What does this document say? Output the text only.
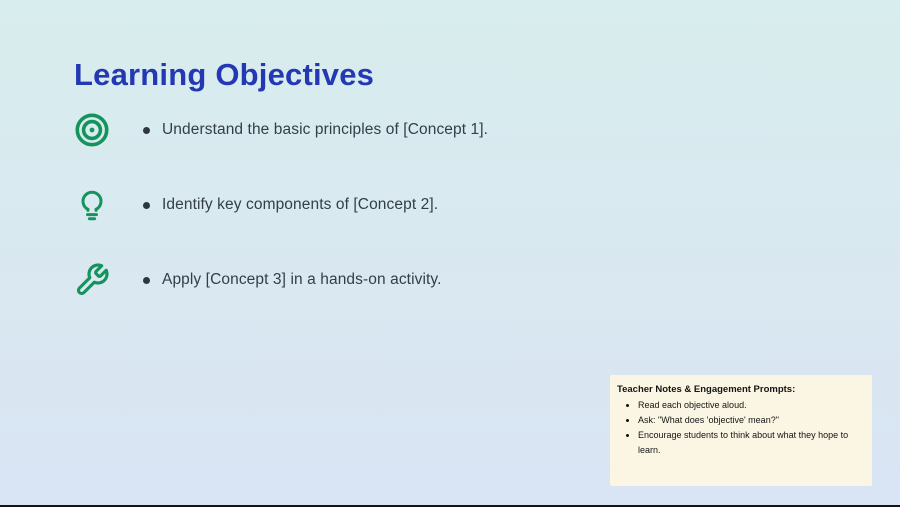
Learning Objectives
Understand the basic principles of [Concept 1].
Identify key components of [Concept 2].
Apply [Concept 3] in a hands-on activity.
Teacher Notes & Engagement Prompts:
• Read each objective aloud.
• Ask: "What does 'objective' mean?"
• Encourage students to think about what they hope to learn.
